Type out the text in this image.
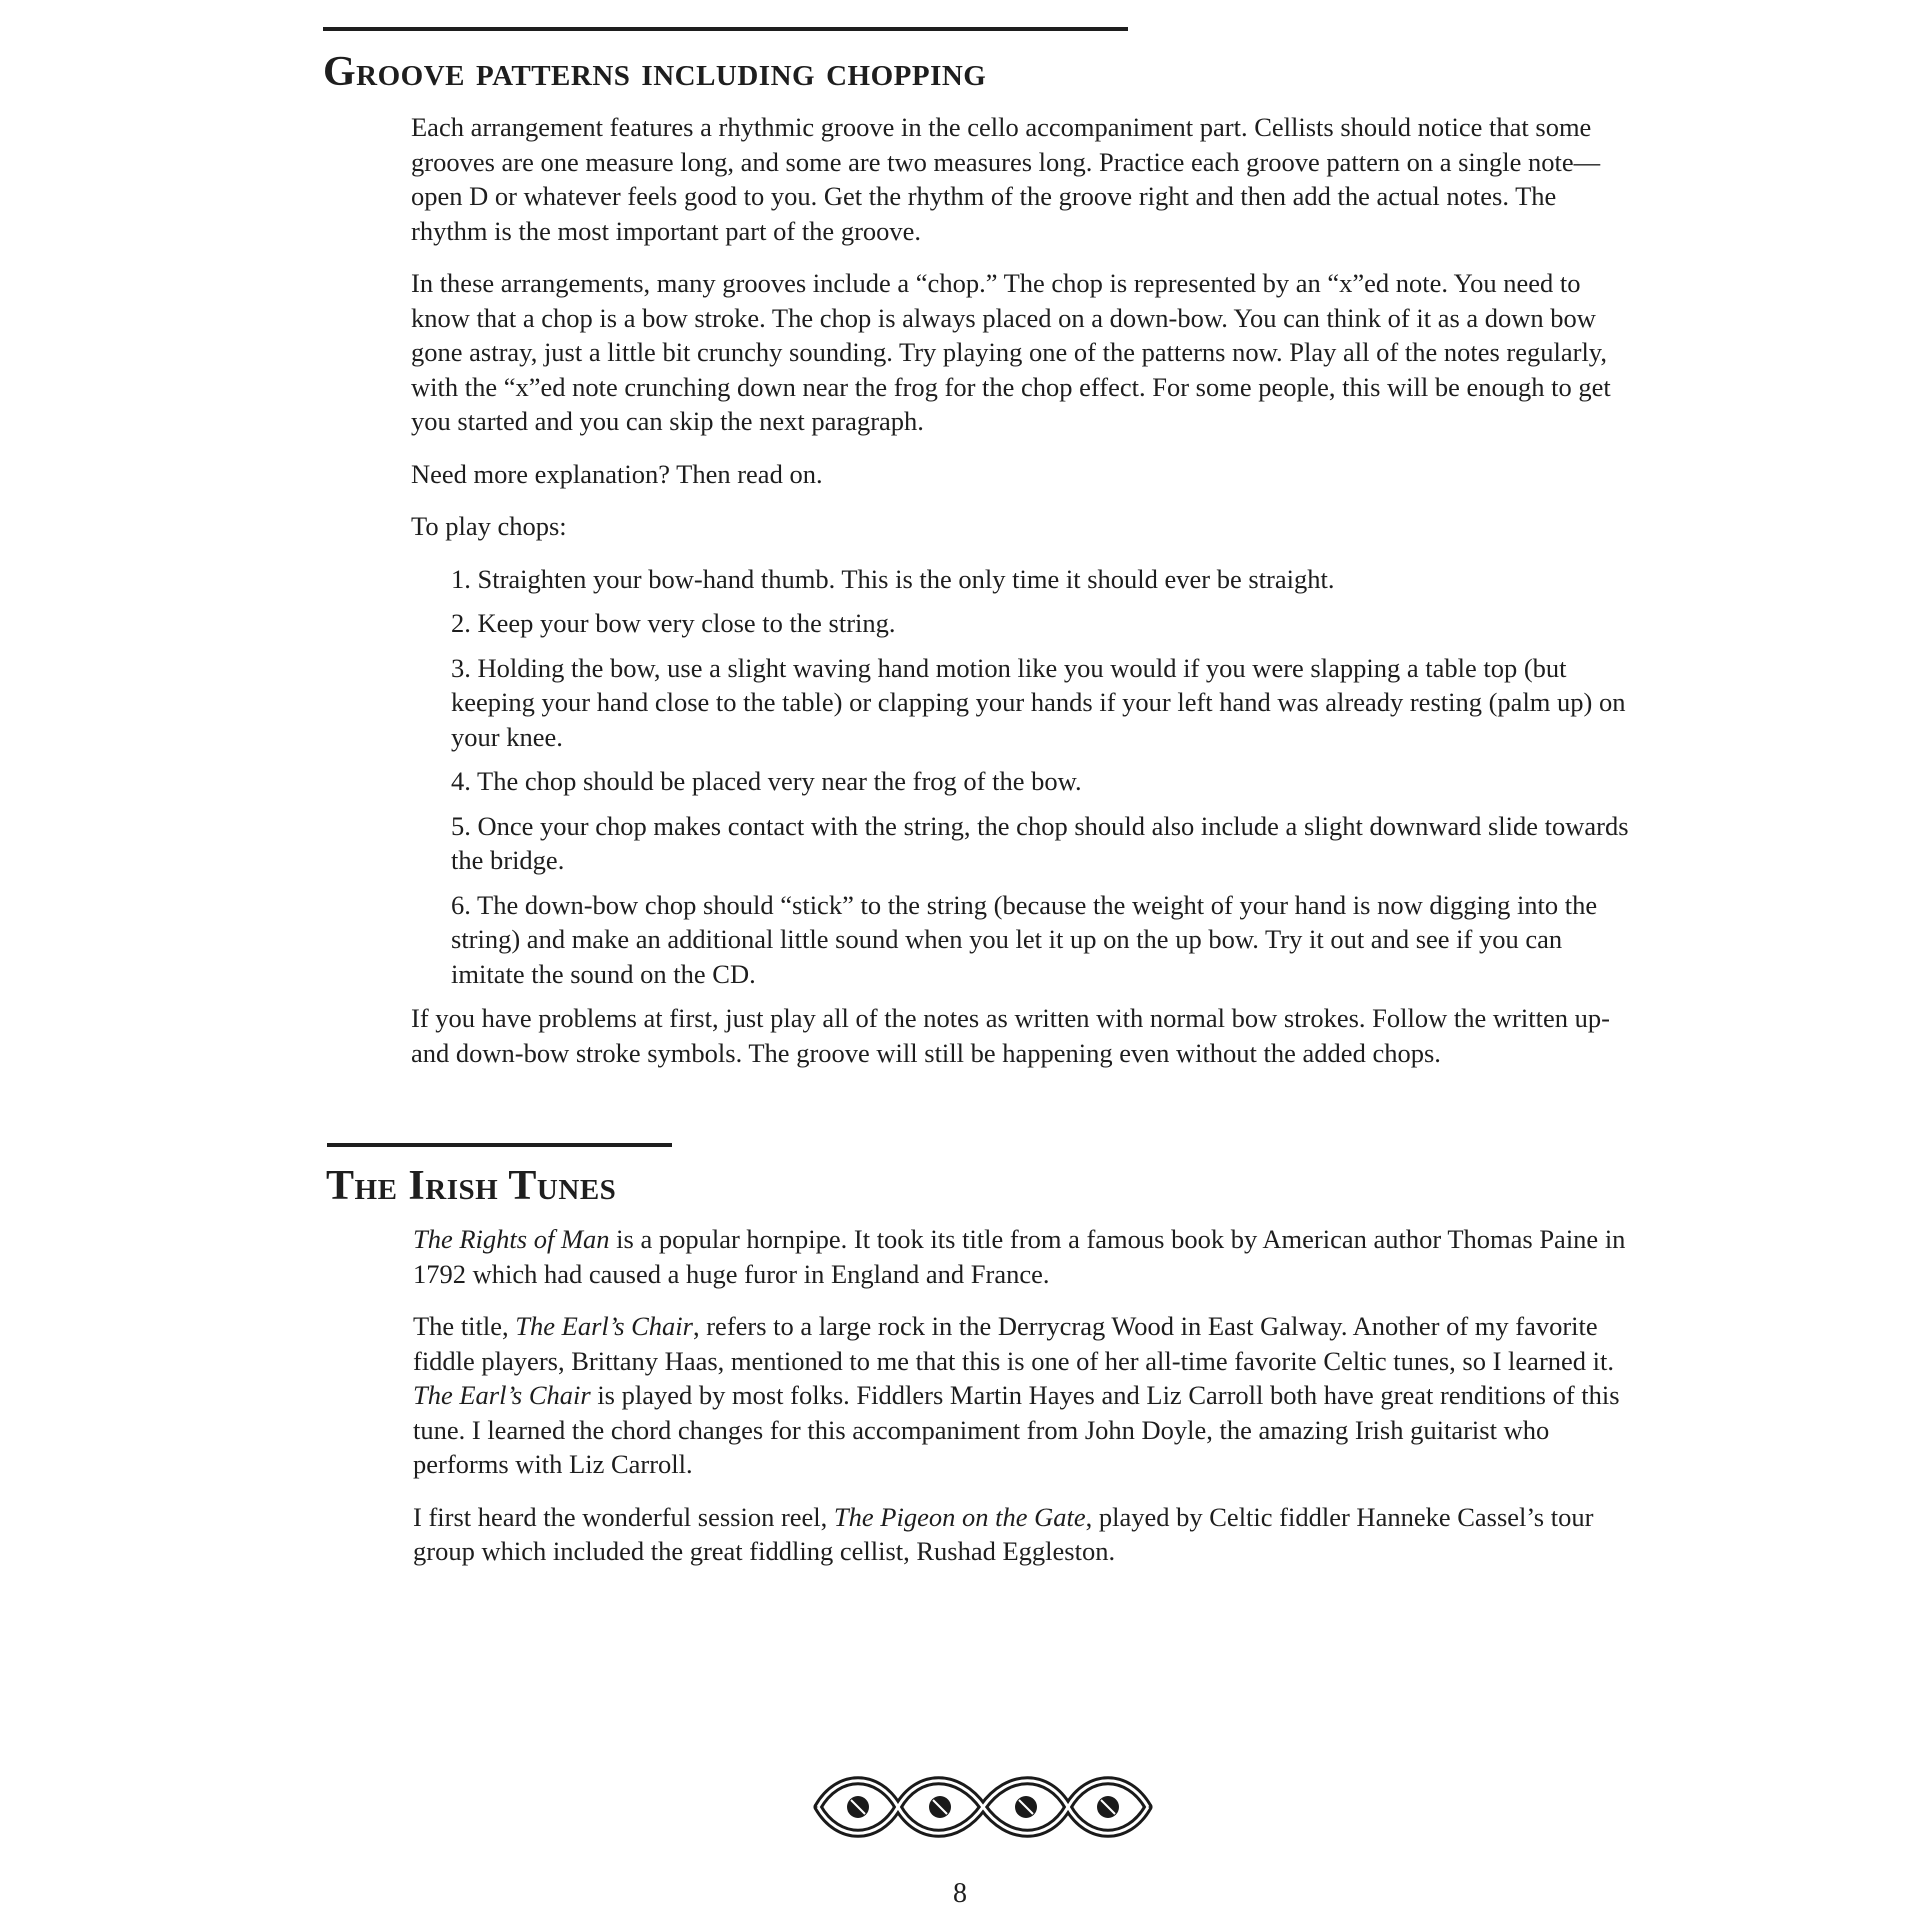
Groove patterns including chopping

Each arrangement features a rhythmic groove in the cello accompaniment part. Cellists should notice that some grooves are one measure long, and some are two measures long. Practice each groove pattern on a single note—open D or whatever feels good to you. Get the rhythm of the groove right and then add the actual notes. The rhythm is the most important part of the groove.

In these arrangements, many grooves include a “chop.” The chop is represented by an “x”ed note. You need to know that a chop is a bow stroke. The chop is always placed on a down-bow. You can think of it as a down bow gone astray, just a little bit crunchy sounding. Try playing one of the patterns now. Play all of the notes regularly, with the “x”ed note crunching down near the frog for the chop effect. For some people, this will be enough to get you started and you can skip the next paragraph.

Need more explanation? Then read on.

To play chops:

1. Straighten your bow-hand thumb. This is the only time it should ever be straight.

2. Keep your bow very close to the string.

3. Holding the bow, use a slight waving hand motion like you would if you were slapping a table top (but keeping your hand close to the table) or clapping your hands if your left hand was already resting (palm up) on your knee.

4. The chop should be placed very near the frog of the bow.

5. Once your chop makes contact with the string, the chop should also include a slight downward slide towards the bridge.

6. The down-bow chop should “stick” to the string (because the weight of your hand is now digging into the string) and make an additional little sound when you let it up on the up bow. Try it out and see if you can imitate the sound on the CD.

If you have problems at first, just play all of the notes as written with normal bow strokes. Follow the written up- and down-bow stroke symbols. The groove will still be happening even without the added chops.

The Irish Tunes

The Rights of Man is a popular hornpipe. It took its title from a famous book by American author Thomas Paine in 1792 which had caused a huge furor in England and France.

The title, The Earl’s Chair, refers to a large rock in the Derrycrag Wood in East Galway. Another of my favorite fiddle players, Brittany Haas, mentioned to me that this is one of her all-time favorite Celtic tunes, so I learned it. The Earl’s Chair is played by most folks. Fiddlers Martin Hayes and Liz Carroll both have great renditions of this tune. I learned the chord changes for this accompaniment from John Doyle, the amazing Irish guitarist who performs with Liz Carroll.

I first heard the wonderful session reel, The Pigeon on the Gate, played by Celtic fiddler Hanneke Cassel’s tour group which included the great fiddling cellist, Rushad Eggleston.

8
